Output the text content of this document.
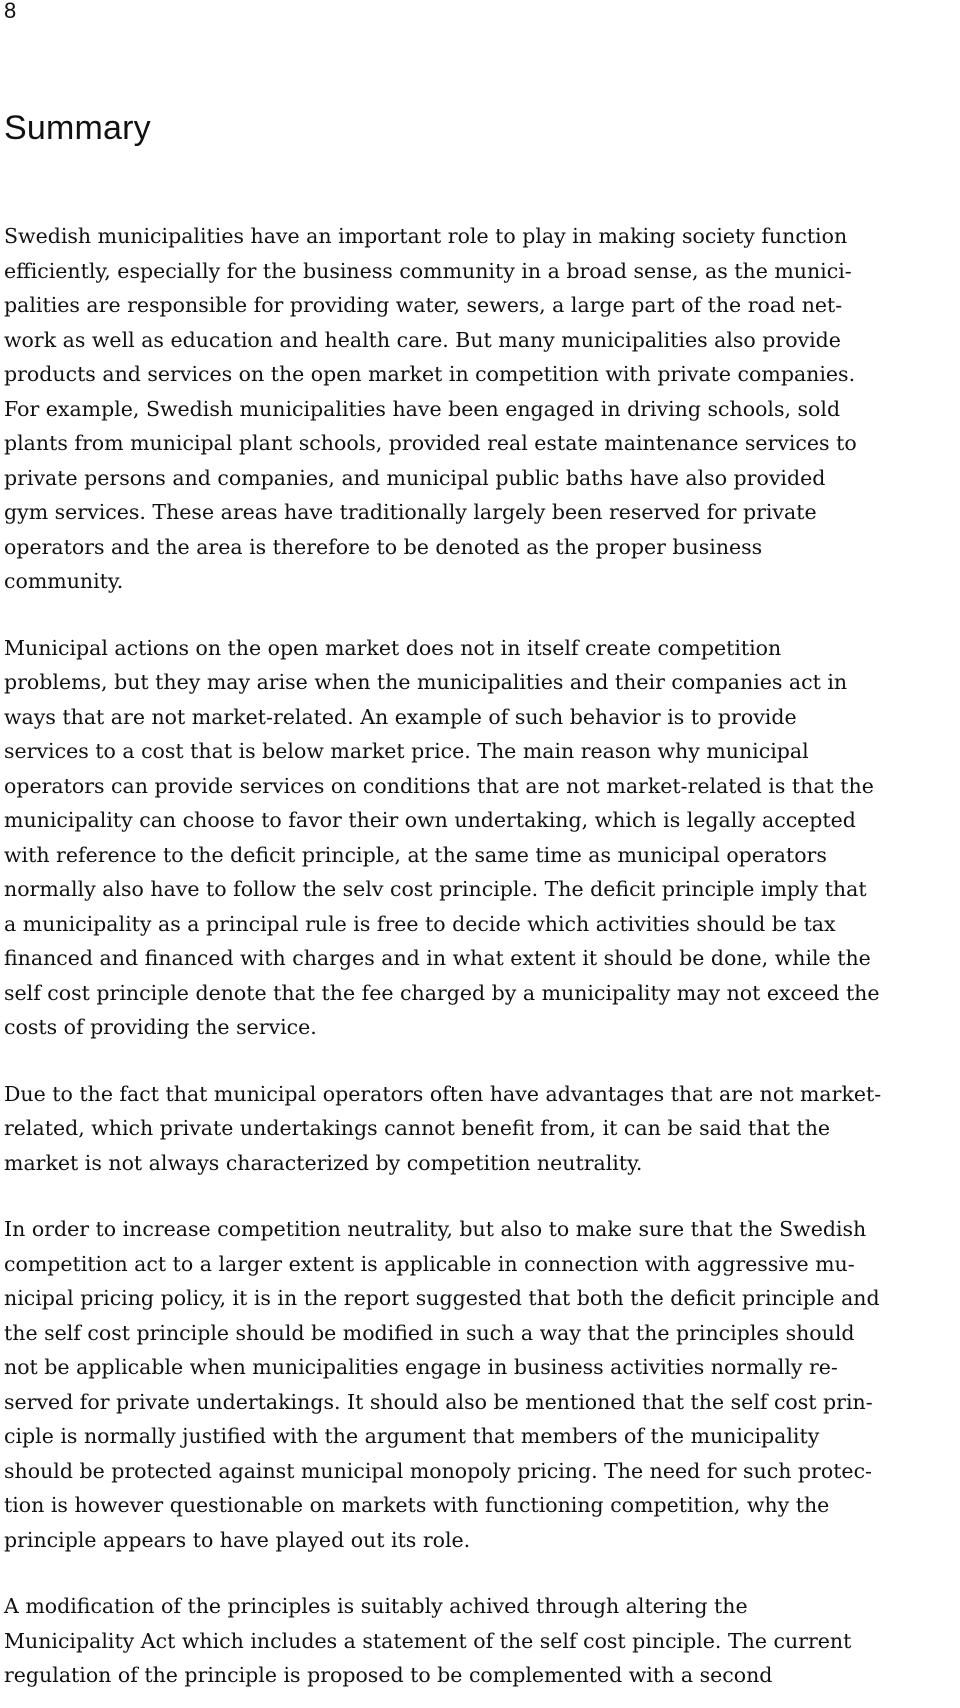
8
Summary

Swedish municipalities have an important role to play in making society function
efficiently, especially for the business community in a broad sense, as the munici-
palities are responsible for providing water, sewers, a large part of the road net-
work as well as education and health care. But many municipalities also provide
products and services on the open market in competition with private companies.
For example, Swedish municipalities have been engaged in driving schools, sold
plants from municipal plant schools, provided real estate maintenance services to
private persons and companies, and municipal public baths have also provided
gym services. These areas have traditionally largely been reserved for private
operators and the area is therefore to be denoted as the proper business
community.

Municipal actions on the open market does not in itself create competition
problems, but they may arise when the municipalities and their companies act in
ways that are not market-related. An example of such behavior is to provide
services to a cost that is below market price. The main reason why municipal
operators can provide services on conditions that are not market-related is that the
municipality can choose to favor their own undertaking, which is legally accepted
with reference to the deficit principle, at the same time as municipal operators
normally also have to follow the selv cost principle. The deficit principle imply that
a municipality as a principal rule is free to decide which activities should be tax
financed and financed with charges and in what extent it should be done, while the
self cost principle denote that the fee charged by a municipality may not exceed the
costs of providing the service.

Due to the fact that municipal operators often have advantages that are not market-
related, which private undertakings cannot benefit from, it can be said that the
market is not always characterized by competition neutrality.

In order to increase competition neutrality, but also to make sure that the Swedish
competition act to a larger extent is applicable in connection with aggressive mu-
nicipal pricing policy, it is in the report suggested that both the deficit principle and
the self cost principle should be modified in such a way that the principles should
not be applicable when municipalities engage in business activities normally re-
served for private undertakings. It should also be mentioned that the self cost prin-
ciple is normally justified with the argument that members of the municipality
should be protected against municipal monopoly pricing. The need for such protec-
tion is however questionable on markets with functioning competition, why the
principle appears to have played out its role.

A modification of the principles is suitably achived through altering the
Municipality Act which includes a statement of the self cost pinciple. The current
regulation of the principle is proposed to be complemented with a second
